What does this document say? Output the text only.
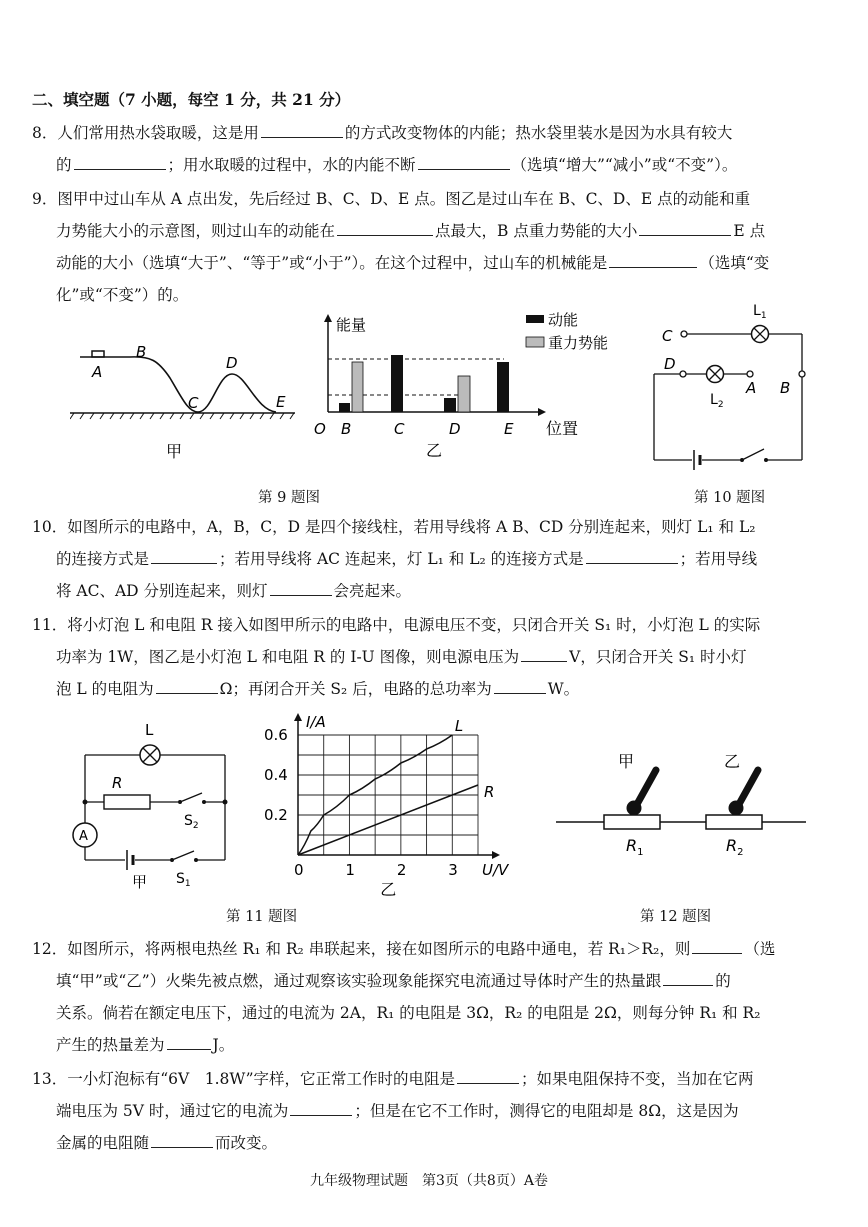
二、填空题（7 小题，每空 1 分，共 21 分）
8．人们常用热水袋取暖，这是用	的方式改变物体的内能；热水袋里装水是因为水具有较大
的	；用水取暖的过程中，水的内能不断	（选填“增大”“减小”或“不变”）。
9．图甲中过山车从 A 点出发，先后经过 B、C、D、E 点。图乙是过山车在 B、C、D、E 点的动能和重
力势能大小的示意图，则过山车的动能在	点最大，B 点重力势能的大小	E 点
动能的大小（选填“大于”、“等于”或“小于”）。在这个过程中，过山车的机械能是	（选填“变
化”或“不变”）的。
A
B
C
D
E
甲
能量	动能
重力势能
O B	C	D	E 位置
乙
C
D
A B
$L_1$
$L_2$
第 9 题图	第 10 题图
10．如图所示的电路中，A，B，C，D 是四个接线柱，若用导线将 A B、CD 分别连起来，则灯 L₁ 和 L₂
的连接方式是	；若用导线将 AC 连起来，灯 L₁ 和 L₂ 的连接方式是	；若用导线
将 AC、AD 分别连起来，则灯	会亮起来。
11．将小灯泡 L 和电阻 R 接入如图甲所示的电路中，电源电压不变，只闭合开关 S₁ 时，小灯泡 L 的实际
功率为 1W，图乙是小灯泡 L 和电阻 R 的 I-U 图像，则电源电压为	V，只闭合开关 S₁ 时小灯
泡 L 的电阻为	Ω；再闭合开关 S₂ 后，电路的总功率为	W。
L
R
A
$S_2$
$S_1$
甲
0	1	2	3
0.2
0.4
0.6
I/A
U/V
L
R
乙
甲	乙
$R_1$	$R_2$
第 11 题图	第 12 题图
12．如图所示，将两根电热丝 R₁ 和 R₂ 串联起来，接在如图所示的电路中通电，若 R₁＞R₂，则	（选
填“甲”或“乙”）火柴先被点燃，通过观察该实验现象能探究电流通过导体时产生的热量跟	的
关系。倘若在额定电压下，通过的电流为 2A，R₁ 的电阻是 3Ω，R₂ 的电阻是 2Ω，则每分钟 R₁ 和 R₂
产生的热量差为	J。
13．一小灯泡标有“6V　1.8W”字样，它正常工作时的电阻是	；如果电阻保持不变，当加在它两
端电压为 5V 时，通过它的电流为	；但是在它不工作时，测得它的电阻却是 8Ω，这是因为
金属的电阻随	而改变。
九年级物理试题　第3页（共8页）A卷
